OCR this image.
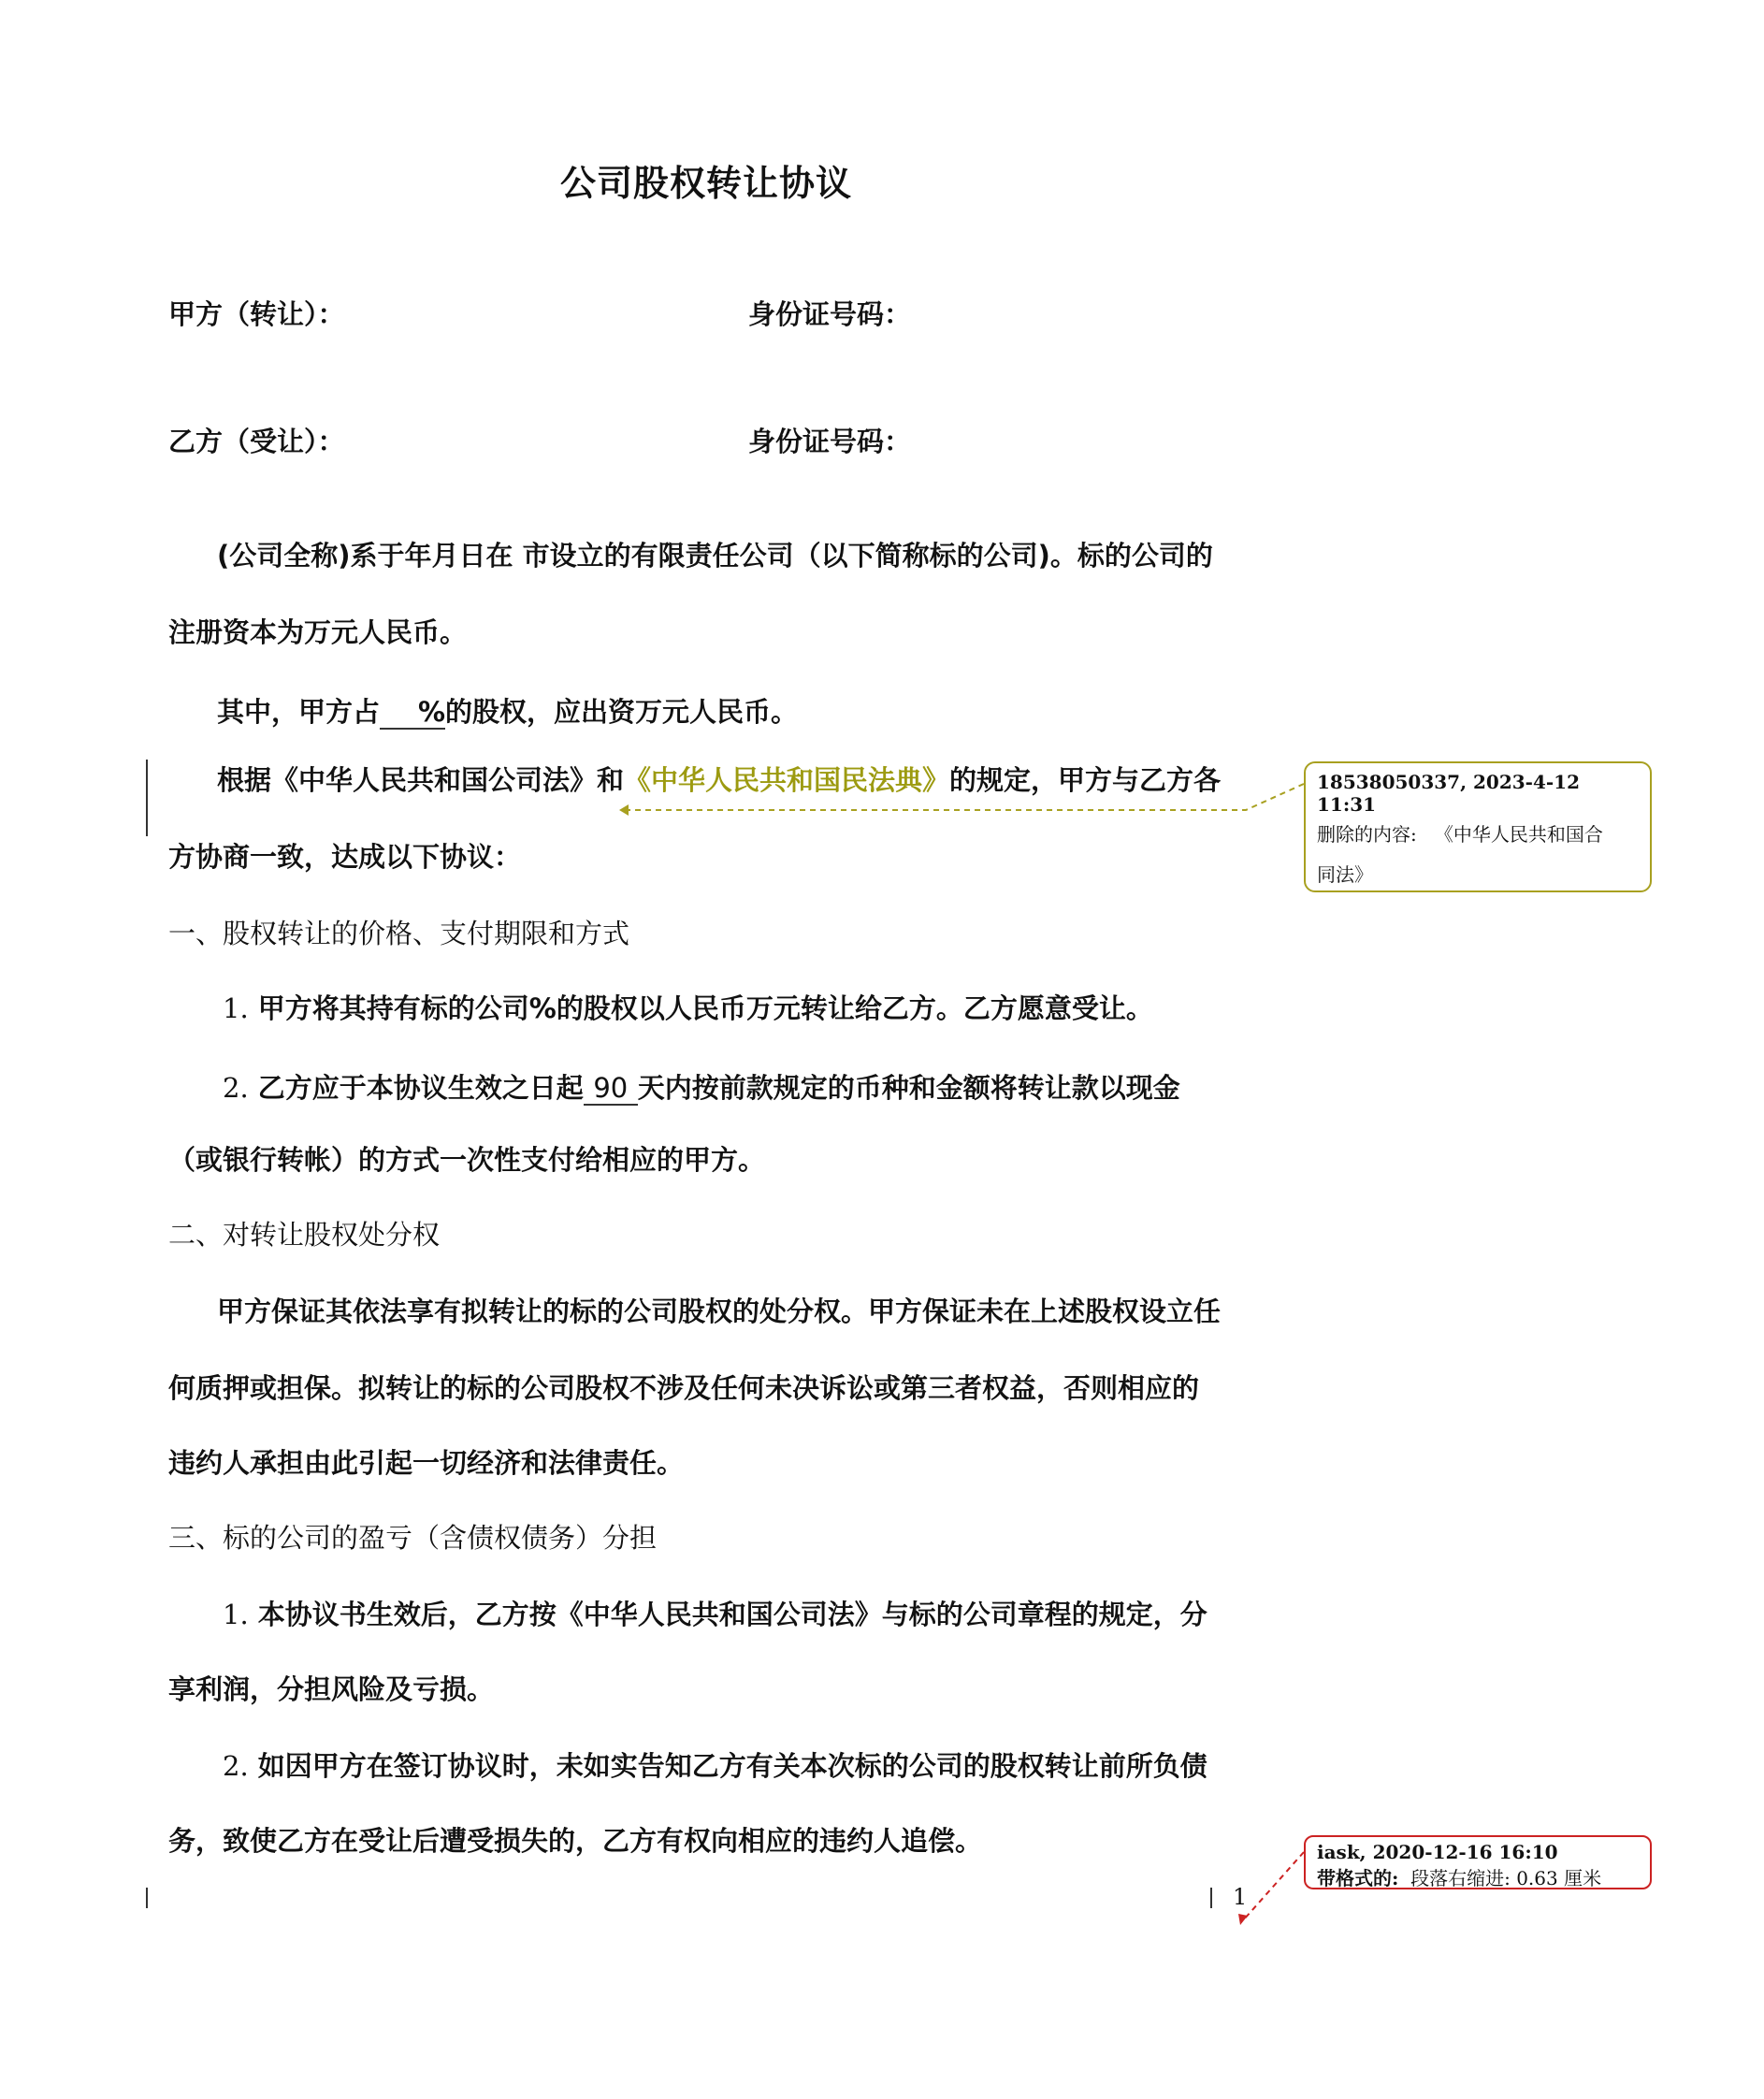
公司股权转让协议
甲方（转让）：	身份证号码：
乙方（受让）：	身份证号码：
(公司全称)系于年月日在 市设立的有限责任公司（以下简称标的公司)。标的公司的
注册资本为万元人民币。
其中，甲方占 %的股权，应出资万元人民币。
根据《中华人民共和国公司法》和《中华人民共和国民法典》的规定，甲方与乙方各
方协商一致，达成以下协议：
一、股权转让的价格、支付期限和方式
1. 甲方将其持有标的公司%的股权以人民币万元转让给乙方。乙方愿意受让。
2. 乙方应于本协议生效之日起 90 天内按前款规定的币种和金额将转让款以现金
（或银行转帐）的方式一次性支付给相应的甲方。
二、对转让股权处分权
甲方保证其依法享有拟转让的标的公司股权的处分权。甲方保证未在上述股权设立任
何质押或担保。拟转让的标的公司股权不涉及任何未决诉讼或第三者权益，否则相应的
违约人承担由此引起一切经济和法律责任。
三、标的公司的盈亏（含债权债务）分担
1. 本协议书生效后，乙方按《中华人民共和国公司法》与标的公司章程的规定，分
享利润，分担风险及亏损。
2. 如因甲方在签订协议时，未如实告知乙方有关本次标的公司的股权转让前所负债
务，致使乙方在受让后遭受损失的，乙方有权向相应的违约人追偿。
1
18538050337, 2023-4-12 11:31
删除的内容: 《中华人民共和国合
同法》
iask, 2020-12-16 16:10
带格式的: 段落右缩进: 0.63 厘米
